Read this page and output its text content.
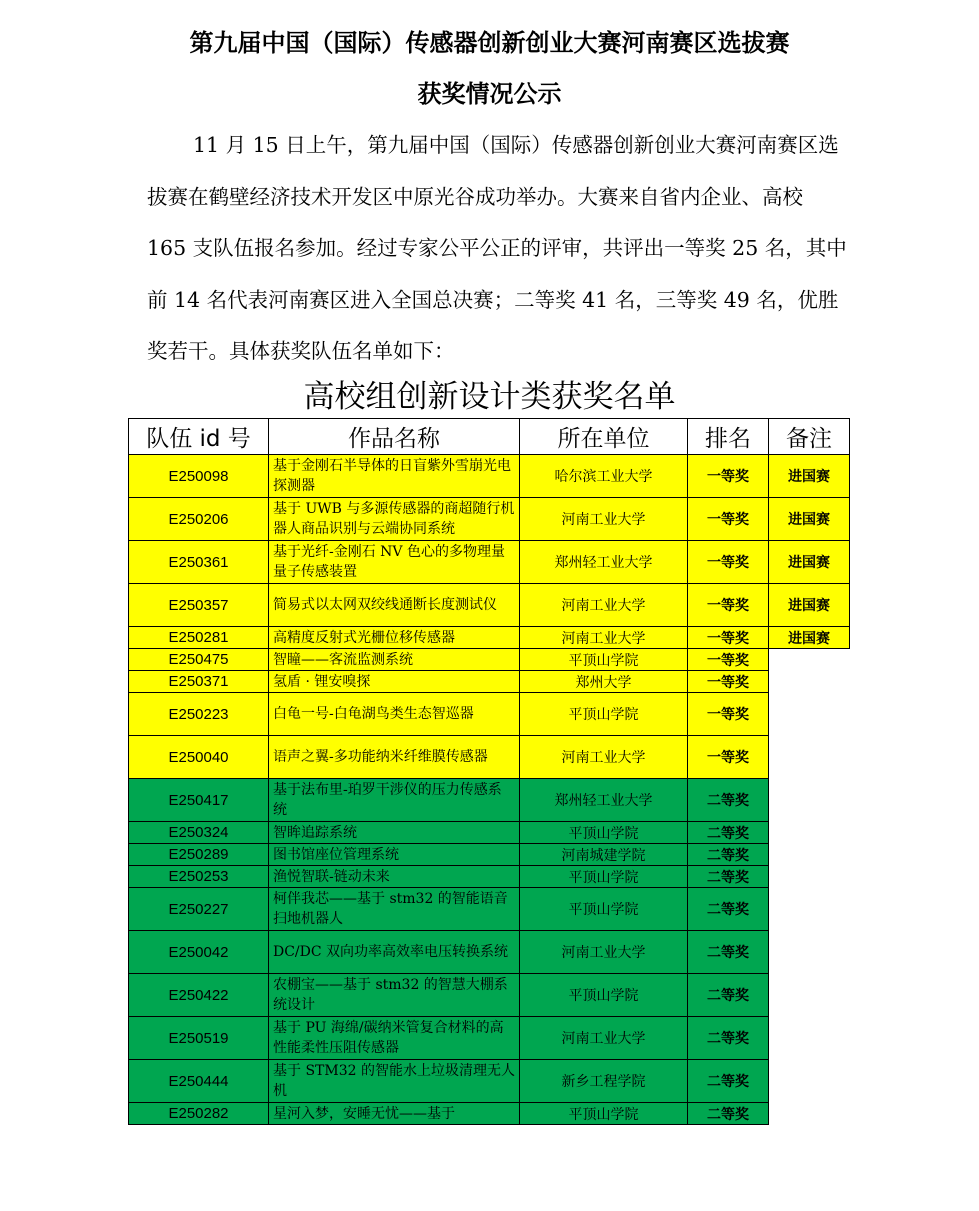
第九届中国（国际）传感器创新创业大赛河南赛区选拔赛
获奖情况公示
11 月 15 日上午，第九届中国（国际）传感器创新创业大赛河南赛区选拔赛在鹤壁经济技术开发区中原光谷成功举办。大赛来自省内企业、高校 165 支队伍报名参加。经过专家公平公正的评审，共评出一等奖 25 名，其中前 14 名代表河南赛区进入全国总决赛；二等奖 41 名，三等奖 49 名，优胜奖若干。具体获奖队伍名单如下：
高校组创新设计类获奖名单
队伍 id 号	作品名称	所在单位	排名	备注
E250098	基于金刚石半导体的日盲紫外雪崩光电探测器	哈尔滨工业大学	一等奖	进国赛
E250206	基于 UWB 与多源传感器的商超随行机器人商品识别与云端协同系统	河南工业大学	一等奖	进国赛
E250361	基于光纤-金刚石 NV 色心的多物理量量子传感装置	郑州轻工业大学	一等奖	进国赛
E250357	简易式以太网双绞线通断长度测试仪	河南工业大学	一等奖	进国赛
E250281	高精度反射式光栅位移传感器	河南工业大学	一等奖	进国赛
E250475	智瞳——客流监测系统	平顶山学院	一等奖	
E250371	氢盾 · 锂安嗅探	郑州大学	一等奖	
E250223	白龟一号-白龟湖鸟类生态智巡器	平顶山学院	一等奖	
E250040	语声之翼-多功能纳米纤维膜传感器	河南工业大学	一等奖	
E250417	基于法布里-珀罗干涉仪的压力传感系统	郑州轻工业大学	二等奖	
E250324	智眸追踪系统	平顶山学院	二等奖	
E250289	图书馆座位管理系统	河南城建学院	二等奖	
E250253	渔悦智联-链动未来	平顶山学院	二等奖	
E250227	柯伴我芯——基于 stm32 的智能语音扫地机器人	平顶山学院	二等奖	
E250042	DC/DC 双向功率高效率电压转换系统	河南工业大学	二等奖	
E250422	农棚宝——基于 stm32 的智慧大棚系统设计	平顶山学院	二等奖	
E250519	基于 PU 海绵/碳纳米管复合材料的高性能柔性压阻传感器	河南工业大学	二等奖	
E250444	基于 STM32 的智能水上垃圾清理无人机	新乡工程学院	二等奖	
E250282	星河入梦，安睡无忧——基于	平顶山学院	二等奖	
